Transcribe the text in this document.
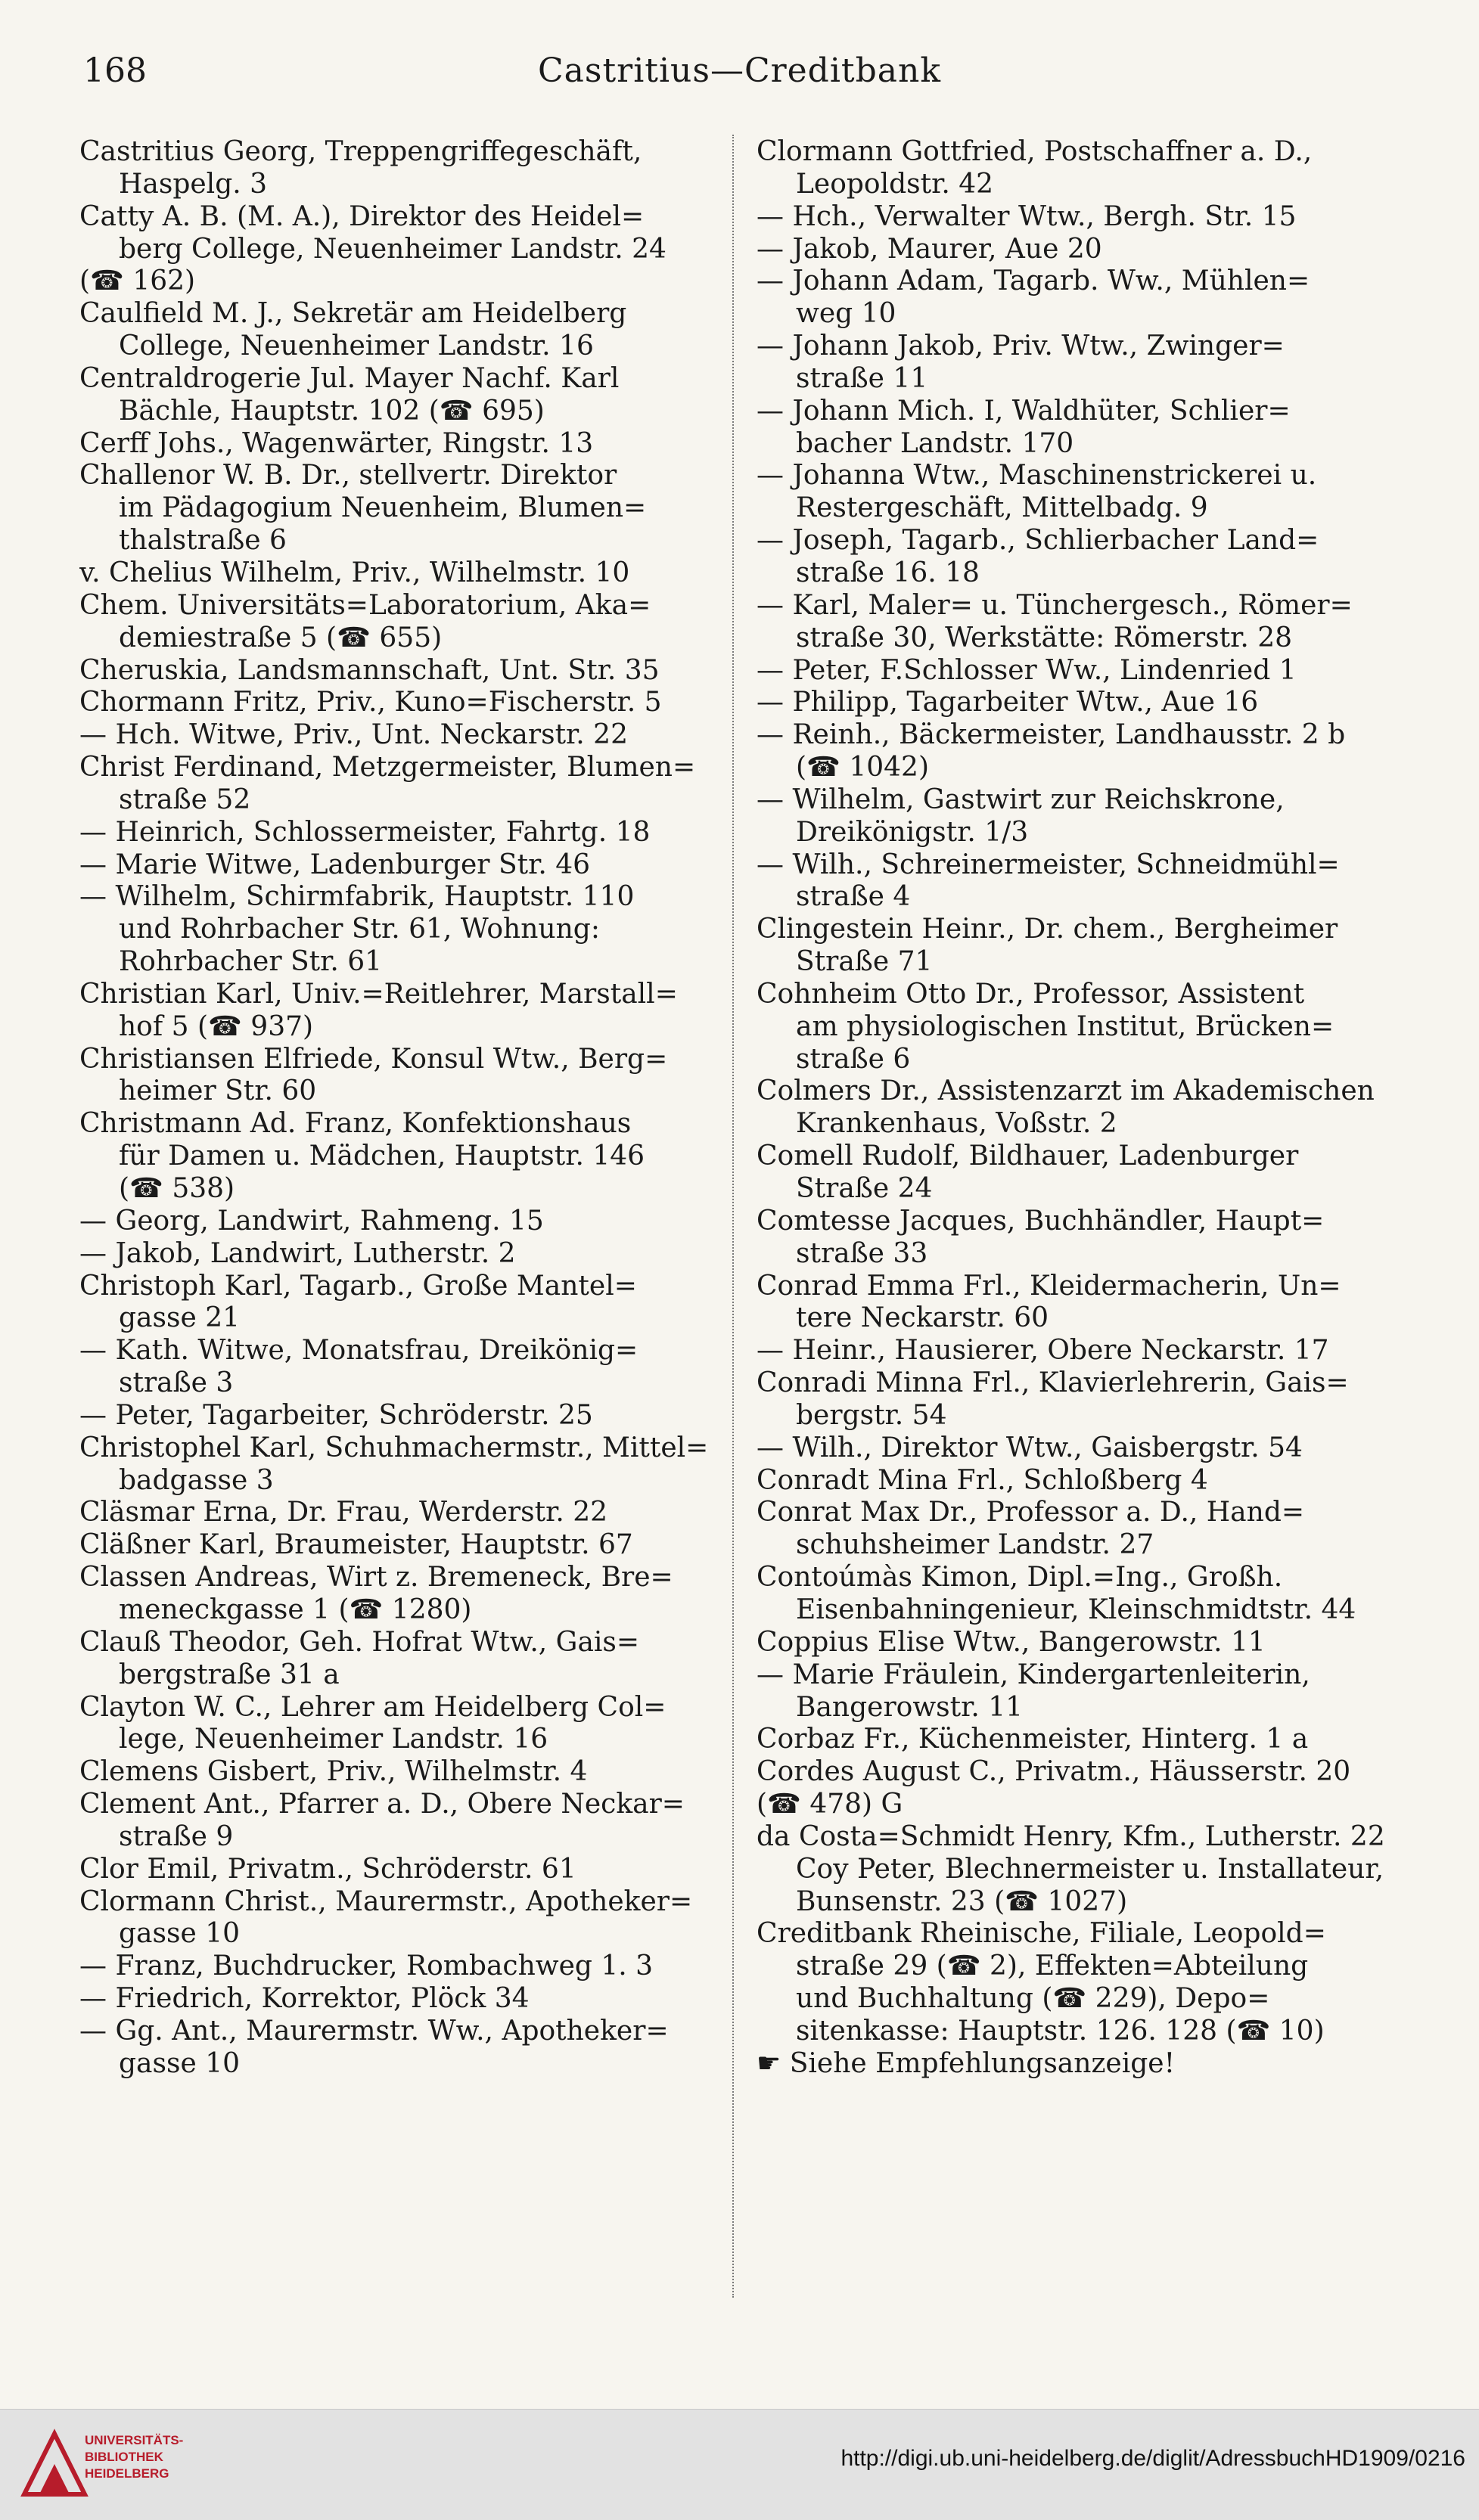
168	Castritius—Creditbank
Castritius Georg, Treppengriffegeschäft,
Haspelg. 3
Catty A. B. (M. A.), Direktor des Heidel=
berg College, Neuenheimer Landstr. 24
(☎ 162)
Caulfield M. J., Sekretär am Heidelberg
College, Neuenheimer Landstr. 16
Centraldrogerie Jul. Mayer Nachf. Karl
Bächle, Hauptstr. 102 (☎ 695)
Cerff Johs., Wagenwärter, Ringstr. 13
Challenor W. B. Dr., stellvertr. Direktor
im Pädagogium Neuenheim, Blumen=
thalstraße 6
v. Chelius Wilhelm, Priv., Wilhelmstr. 10
Chem. Universitäts=Laboratorium, Aka=
demiestraße 5 (☎ 655)
Cheruskia, Landsmannschaft, Unt. Str. 35
Chormann Fritz, Priv., Kuno=Fischerstr. 5
— Hch. Witwe, Priv., Unt. Neckarstr. 22
Christ Ferdinand, Metzgermeister, Blumen=
straße 52
— Heinrich, Schlossermeister, Fahrtg. 18
— Marie Witwe, Ladenburger Str. 46
— Wilhelm, Schirmfabrik, Hauptstr. 110
und Rohrbacher Str. 61, Wohnung:
Rohrbacher Str. 61
Christian Karl, Univ.=Reitlehrer, Marstall=
hof 5 (☎ 937)
Christiansen Elfriede, Konsul Wtw., Berg=
heimer Str. 60
Christmann Ad. Franz, Konfektionshaus
für Damen u. Mädchen, Hauptstr. 146
(☎ 538)
— Georg, Landwirt, Rahmeng. 15
— Jakob, Landwirt, Lutherstr. 2
Christoph Karl, Tagarb., Große Mantel=
gasse 21
— Kath. Witwe, Monatsfrau, Dreikönig=
straße 3
— Peter, Tagarbeiter, Schröderstr. 25
Christophel Karl, Schuhmachermstr., Mittel=
badgasse 3
Cläsmar Erna, Dr. Frau, Werderstr. 22
Cläßner Karl, Braumeister, Hauptstr. 67
Classen Andreas, Wirt z. Bremeneck, Bre=
meneckgasse 1 (☎ 1280)
Clauß Theodor, Geh. Hofrat Wtw., Gais=
bergstraße 31 a
Clayton W. C., Lehrer am Heidelberg Col=
lege, Neuenheimer Landstr. 16
Clemens Gisbert, Priv., Wilhelmstr. 4
Clement Ant., Pfarrer a. D., Obere Neckar=
straße 9
Clor Emil, Privatm., Schröderstr. 61
Clormann Christ., Maurermstr., Apotheker=
gasse 10
— Franz, Buchdrucker, Rombachweg 1. 3
— Friedrich, Korrektor, Plöck 34
— Gg. Ant., Maurermstr. Ww., Apotheker=
gasse 10
Clormann Gottfried, Postschaffner a. D.,
Leopoldstr. 42
— Hch., Verwalter Wtw., Bergh. Str. 15
— Jakob, Maurer, Aue 20
— Johann Adam, Tagarb. Ww., Mühlen=
weg 10
— Johann Jakob, Priv. Wtw., Zwinger=
straße 11
— Johann Mich. I, Waldhüter, Schlier=
bacher Landstr. 170
— Johanna Wtw., Maschinenstrickerei u.
Restergeschäft, Mittelbadg. 9
— Joseph, Tagarb., Schlierbacher Land=
straße 16. 18
— Karl, Maler= u. Tünchergesch., Römer=
straße 30, Werkstätte: Römerstr. 28
— Peter, F.Schlosser Ww., Lindenried 1
— Philipp, Tagarbeiter Wtw., Aue 16
— Reinh., Bäckermeister, Landhausstr. 2 b
(☎ 1042)
— Wilhelm, Gastwirt zur Reichskrone,
Dreikönigstr. 1/3
— Wilh., Schreinermeister, Schneidmühl=
straße 4
Clingestein Heinr., Dr. chem., Bergheimer
Straße 71
Cohnheim Otto Dr., Professor, Assistent
am physiologischen Institut, Brücken=
straße 6
Colmers Dr., Assistenzarzt im Akademischen
Krankenhaus, Voßstr. 2
Comell Rudolf, Bildhauer, Ladenburger
Straße 24
Comtesse Jacques, Buchhändler, Haupt=
straße 33
Conrad Emma Frl., Kleidermacherin, Un=
tere Neckarstr. 60
— Heinr., Hausierer, Obere Neckarstr. 17
Conradi Minna Frl., Klavierlehrerin, Gais=
bergstr. 54
— Wilh., Direktor Wtw., Gaisbergstr. 54
Conradt Mina Frl., Schloßberg 4
Conrat Max Dr., Professor a. D., Hand=
schuhsheimer Landstr. 27
Contoúmàs Kimon, Dipl.=Ing., Großh.
Eisenbahningenieur, Kleinschmidtstr. 44
Coppius Elise Wtw., Bangerowstr. 11
— Marie Fräulein, Kindergartenleiterin,
Bangerowstr. 11
Corbaz Fr., Küchenmeister, Hinterg. 1 a
Cordes August C., Privatm., Häusserstr. 20
(☎ 478) G
da Costa=Schmidt Henry, Kfm., Lutherstr. 22
Coy Peter, Blechnermeister u. Installateur,
Bunsenstr. 23 (☎ 1027)
Creditbank Rheinische, Filiale, Leopold=
straße 29 (☎ 2), Effekten=Abteilung
und Buchhaltung (☎ 229), Depo=
sitenkasse: Hauptstr. 126. 128 (☎ 10)
☛ Siehe Empfehlungsanzeige!
UNIVERSITÄTS-
BIBLIOTHEK
HEIDELBERG
http://digi.ub.uni-heidelberg.de/diglit/AdressbuchHD1909/0216
